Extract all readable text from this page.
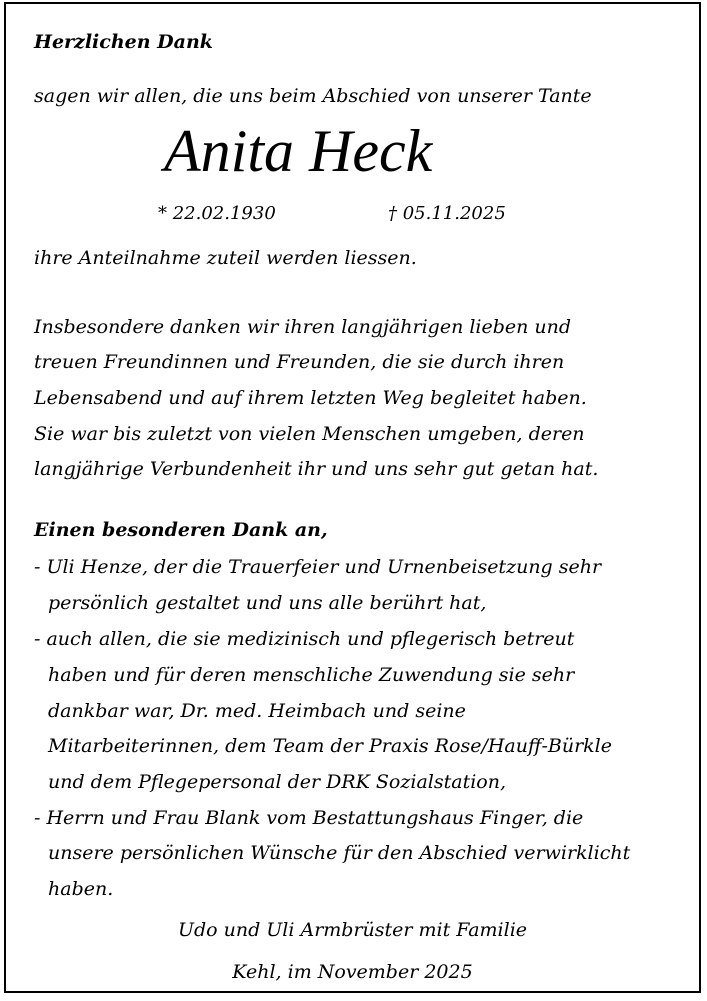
Herzlichen Dank
sagen wir allen, die uns beim Abschied von unserer Tante
Anita Heck
* 22.02.1930	† 05.11.2025
ihre Anteilnahme zuteil werden liessen.
Insbesondere danken wir ihren langjährigen lieben und
treuen Freundinnen und Freunden, die sie durch ihren
Lebensabend und auf ihrem letzten Weg begleitet haben.
Sie war bis zuletzt von vielen Menschen umgeben, deren
langjährige Verbundenheit ihr und uns sehr gut getan hat.
Einen besonderen Dank an,
- Uli Henze, der die Trauerfeier und Urnenbeisetzung sehr
persönlich gestaltet und uns alle berührt hat,
- auch allen, die sie medizinisch und pflegerisch betreut
haben und für deren menschliche Zuwendung sie sehr
dankbar war, Dr. med. Heimbach und seine
Mitarbeiterinnen, dem Team der Praxis Rose/Hauff-Bürkle
und dem Pflegepersonal der DRK Sozialstation,
- Herrn und Frau Blank vom Bestattungshaus Finger, die
unsere persönlichen Wünsche für den Abschied verwirklicht
haben.
Udo und Uli Armbrüster mit Familie
Kehl, im November 2025
